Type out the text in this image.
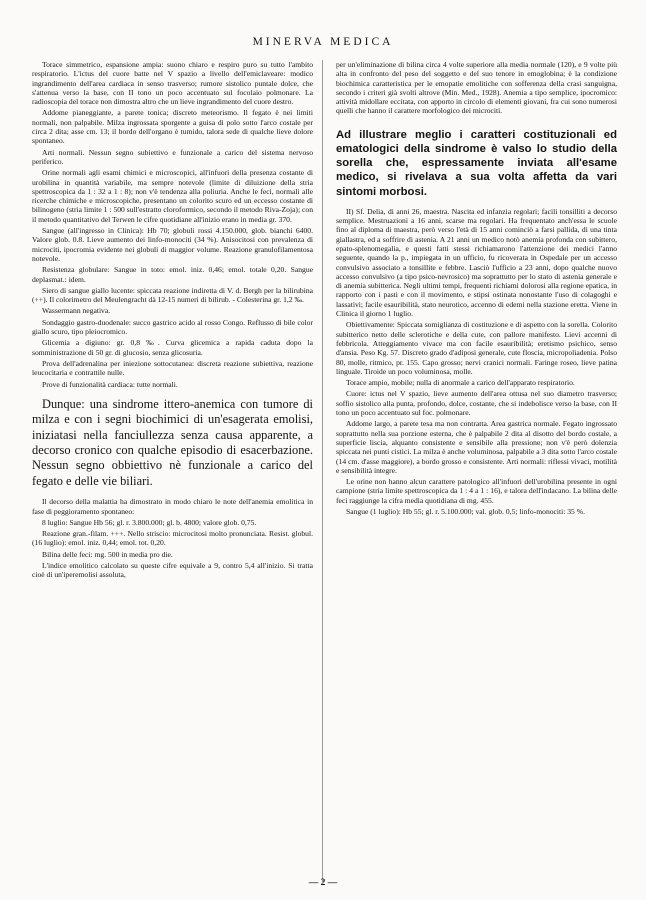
MINERVA MEDICA

Torace simmetrico, espansione ampia: suono chiaro e respiro puro su tutto l'ambito respiratorio. L'ictus del cuore batte nel V spazio a livello dell'emiclaveare: modico ingrandimento dell'area cardiaca in senso trasverso; rumore sistolico puntale dolce, che s'attenua verso la base, con II tono un poco accentuato sul focolaio polmonare. La radioscopia del torace non dimostra altro che un lieve ingrandimento del cuore destro.

Addome pianeggiante, a parete tonica; discreto meteorismo. Il fegato è nei limiti normali, non palpabile. Milza ingrossata sporgente a guisa di polo sotto l'arco costale per circa 2 dita; asse cm. 13; il bordo dell'organo è tumido, talora sede di qualche lieve dolore spontaneo.

Arti normali. Nessun segno subiettivo e funzionale a carico del sistema nervoso periferico.

Orine normali agli esami chimici e microscopici, all'infuori della presenza costante di urobilina in quantità variabile, ma sempre notevole (limite di diluizione della stria spettroscopica da 1 : 32 a 1 : 8); non v'è tendenza alla poliuria. Anche le feci, normali alle ricerche chimiche e microscopiche, presentano un colorito scuro ed un eccesso costante di bilinogeno (stria limite 1 : 500 sull'estratto cloroformico, secondo il metodo Riva-Zoja); con il metodo quantitativo del Terwen le cifre quotidiane all'inizio erano in media gr. 370.

Sangue (all'ingresso in Clinica): Hb 70; globuli rossi 4.150.000, glob. bianchi 6400. Valore glob. 0.8. Lieve aumento dei linfo-monociti (34 %). Anisocitosi con prevalenza di microciti, ipocromia evidente nei globuli di maggior volume. Reazione granulofilamentosa notevole.

Resistenza globulare: Sangue in toto: emol. iniz. 0,46; emol. totale 0,20. Sangue deplasmat.: idem.

Siero di sangue giallo lucente: spiccata reazione indiretta di V. d. Bergh per la bilirubina (++). Il colorimetro del Meulengracht dà 12-15 numeri di bilirub. - Colesterina gr. 1,2 ‰.

Wassermann negativa.

Sondaggio gastro-duodenale: succo gastrico acido al rosso Congo. Reflusso di bile color giallo scuro, tipo pleiocromico.

Glicemia a digiuno: gr. 0,8 ‰. Curva glicemica a rapida caduta dopo la somministrazione di 50 gr. di glucosio, senza glicosuria.

Prova dell'adrenalina per iniezione sottocutanea: discreta reazione subiettiva, reazione leucocitaria e contrattile nulle.

Prove di funzionalità cardiaca: tutte normali.

Dunque: una sindrome ittero-anemica con tumore di milza e con i segni biochimici di un'esagerata emolisi, iniziatasi nella fanciullezza senza causa apparente, a decorso cronico con qualche episodio di esacerbazione. Nessun segno obbiettivo nè funzionale a carico del fegato e delle vie biliari.

Il decorso della malattia ha dimostrato in modo chiaro le note dell'anemia emolitica in fase di peggioramento spontaneo:

8 luglio: Sangue Hb 56; gl. r. 3.800.000; gl. b. 4800; valore glob. 0,75.

Reazione gran.-filam. +++. Nello striscio: microcitosi molto pronunciata. Resist. globul. (16 luglio): emol. iniz. 0,44; emol. tot. 0,20.

Bilina delle feci: mg. 500 in media pro die.

L'indice emolitico calcolato su queste cifre equivale a 9, contro 5,4 all'inizio. Si tratta cioè di un'iperemolisi assoluta,

per un'eliminazione di bilina circa 4 volte superiore alla media normale (120), e 9 volte più alta in confronto del peso del soggetto e del suo tenore in emoglobina; è la condizione biochimica caratteristica per le emopatie emolitiche con sofferenza della crasi sanguigna, secondo i criteri già svolti altrove (Min. Med., 1928). Anemia a tipo semplice, ipocromico: attività midollare eccitata, con apporto in circolo di elementi giovani, fra cui sono numerosi quelli che hanno il carattere morfologico dei microciti.

Ad illustrare meglio i caratteri costituzionali ed ematologici della sindrome è valso lo studio della sorella che, espressamente inviata all'esame medico, si rivelava a sua volta affetta da vari sintomi morbosi.

II) Sf. Delia, di anni 26, maestra. Nascita ed infanzia regolari; facili tonsilliti a decorso semplice. Mestruazioni a 16 anni, scarse ma regolari. Ha frequentato anch'essa le scuole fino al diploma di maestra, però verso l'età di 15 anni cominciò a farsi pallida, di una tinta giallastra, ed a soffrire di astenia. A 21 anni un medico notò anemia profonda con subittero, epato-splenomegalia, e questi fatti stessi richiamarono l'attenzione dei medici l'anno seguente, quando la p., impiegata in un ufficio, fu ricoverata in Ospedale per un accesso convulsivo associato a tonsillite e febbre. Lasciò l'ufficio a 23 anni, dopo qualche nuovo accesso convulsivo (a tipo psico-nevrosico) ma soprattutto per lo stato di astenia generale e di anemia subitterica. Negli ultimi tempi, frequenti richiami dolorosi alla regione epatica, in rapporto con i pasti e con il movimento, e stipsi ostinata nonostante l'uso di colagoghi e lassativi; facile esauribilità, stato neurotico, accenno di edemi nella stazione eretta. Viene in Clinica il giorno 1 luglio.

Obiettivamente: Spiccata somiglianza di costituzione e di aspetto con la sorella. Colorito subitterico netto delle sclerotiche e della cute, con pallore manifesto. Lievi accenni di febbricola. Atteggiamento vivace ma con facile esauribilità; eretismo psichico, senso d'ansia. Peso Kg. 57. Discreto grado d'adiposi generale, cute floscia, micropoliadenia. Polso 80, molle, ritmico, pr. 155. Capo grosso; nervi cranici normali. Faringe roseo, lieve patina linguale. Tiroide un poco voluminosa, molle.

Torace ampio, mobile; nulla di anormale a carico dell'apparato respiratorio.

Cuore: ictus nel V spazio, lieve aumento dell'area ottusa nel suo diametro trasverso; soffio sistolico alla punta, profondo, dolce, costante, che si indebolisce verso la base, con II tono un poco accentuato sul foc. polmonare.

Addome largo, a parete tesa ma non contratta. Area gastrica normale. Fegato ingrossato soprattutto nella sua porzione esterna, che è palpabile 2 dita al disotto del bordo costale, a superficie liscia, alquanto consistente e sensibile alla pressione; non v'è però dolenzia spiccata nei punti cistici. La milza è anche voluminosa, palpabile a 3 dita sotto l'arco costale (14 cm. d'asse maggiore), a bordo grosso e consistente. Arti normali: riflessi vivaci, motilità e sensibilità integre.

Le orine non hanno alcun carattere patologico all'infuori dell'urobilina presente in ogni campione (stria limite spettroscopica da 1 : 4 a 1 : 16), e talora dell'indacano. La bilina delle feci raggiunge la cifra media quotidiana di mg. 455.

Sangue (1 luglio): Hb 55; gl. r. 5.100.000; val. glob. 0,5; linfo-monociti: 35 %.

— 2 —
